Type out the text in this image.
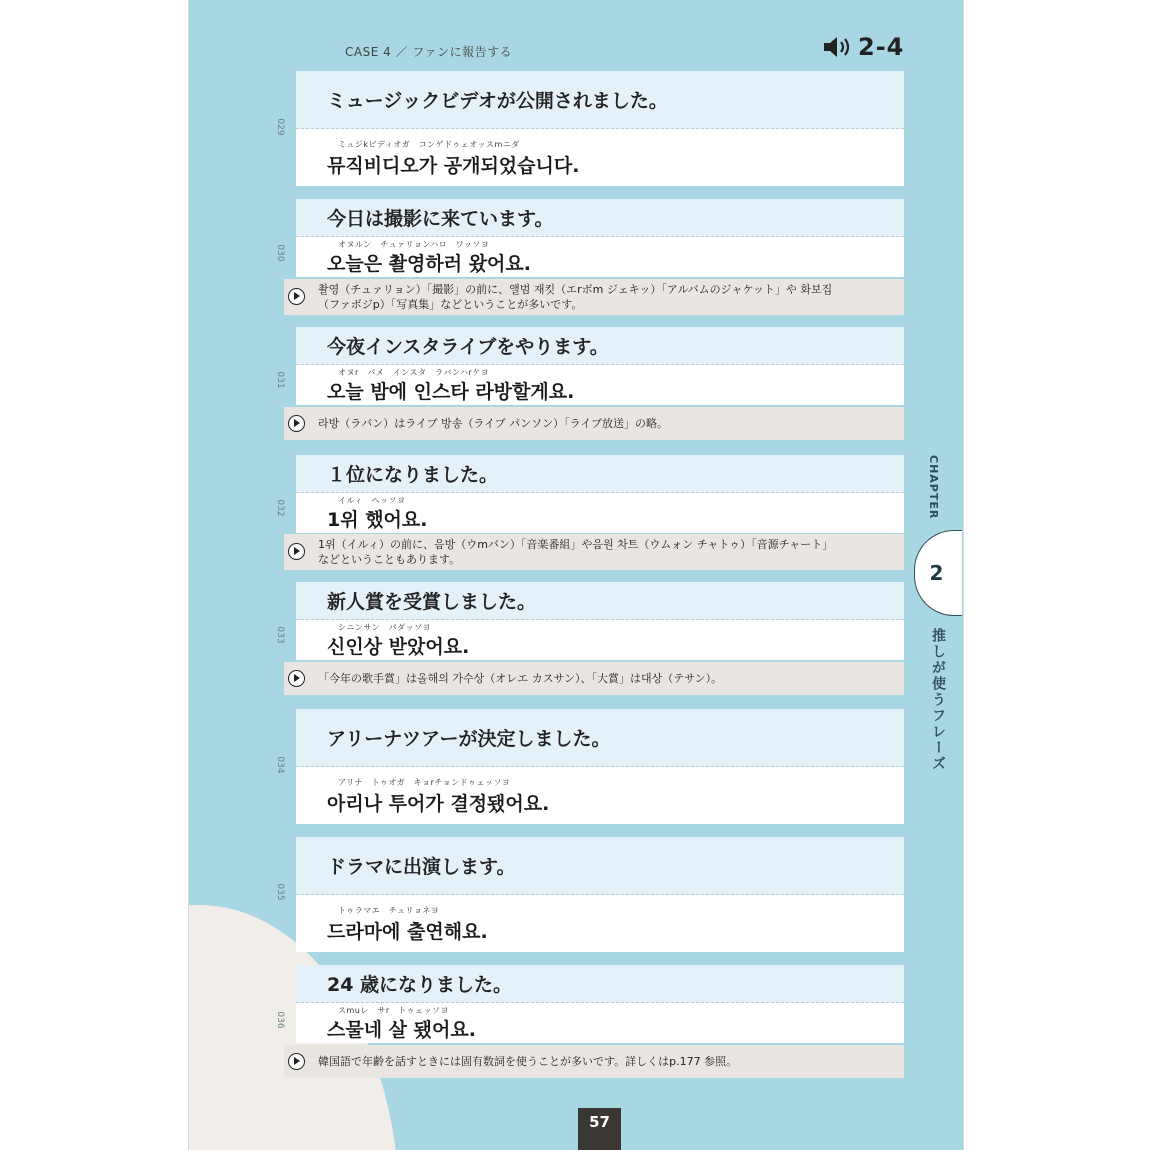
CASE 4 ／ ファンに報告する	2-4
029
ミュージックビデオが公開されました。
ミュジkビディオガ　コンゲドゥェオッスmニダ
뮤직비디오가 공개되었습니다.
030
今日は撮影に来ています。
オヌルン　チュァリョンハロ　ワッソヨ
오늘은 촬영하러 왔어요.
촬영（チュァリョン）「撮影」の前に、앨범 재킷（エrボm ジェキッ）「アルバムのジャケット」や 화보집
（ファボジp）「写真集」などということが多いです。
031
今夜インスタライブをやります。
オヌr　パメ　インスタ　ラバンハrケヨ
오늘 밤에 인스타 라방할게요.
라방（ラバン）はライブ 방송（ライブ パンソン）「ライブ放送」の略。
032
１位になりました。
イルィ　ヘッソヨ
1위 했어요.
1위（イルィ）の前に、음방（ウmバン）「音楽番組」や음원 차트（ウムォン チャトゥ）「音源チャート」
などということもあります。
033
新人賞を受賞しました。
シニンサン　パダッソヨ
신인상 받았어요.
「今年の歌手賞」は올해의 가수상（オレエ カスサン）、「大賞」は대상（テサン）。
034
アリーナツアーが決定しました。
アリナ　トゥオガ　キョrチョンドゥェッソヨ
아리나 투어가 결정됐어요.
035
ドラマに出演します。
トゥラマエ　チュリョネヨ
드라마에 출연해요.
036
24 歳になりました。
スmuレ　サr　トゥェッソヨ
스물네 살 됐어요.
韓国語で年齢を話すときには固有数詞を使うことが多いです。詳しくはp.177 参照。
CHAPTER
2
推しが使うフレーズ
57
